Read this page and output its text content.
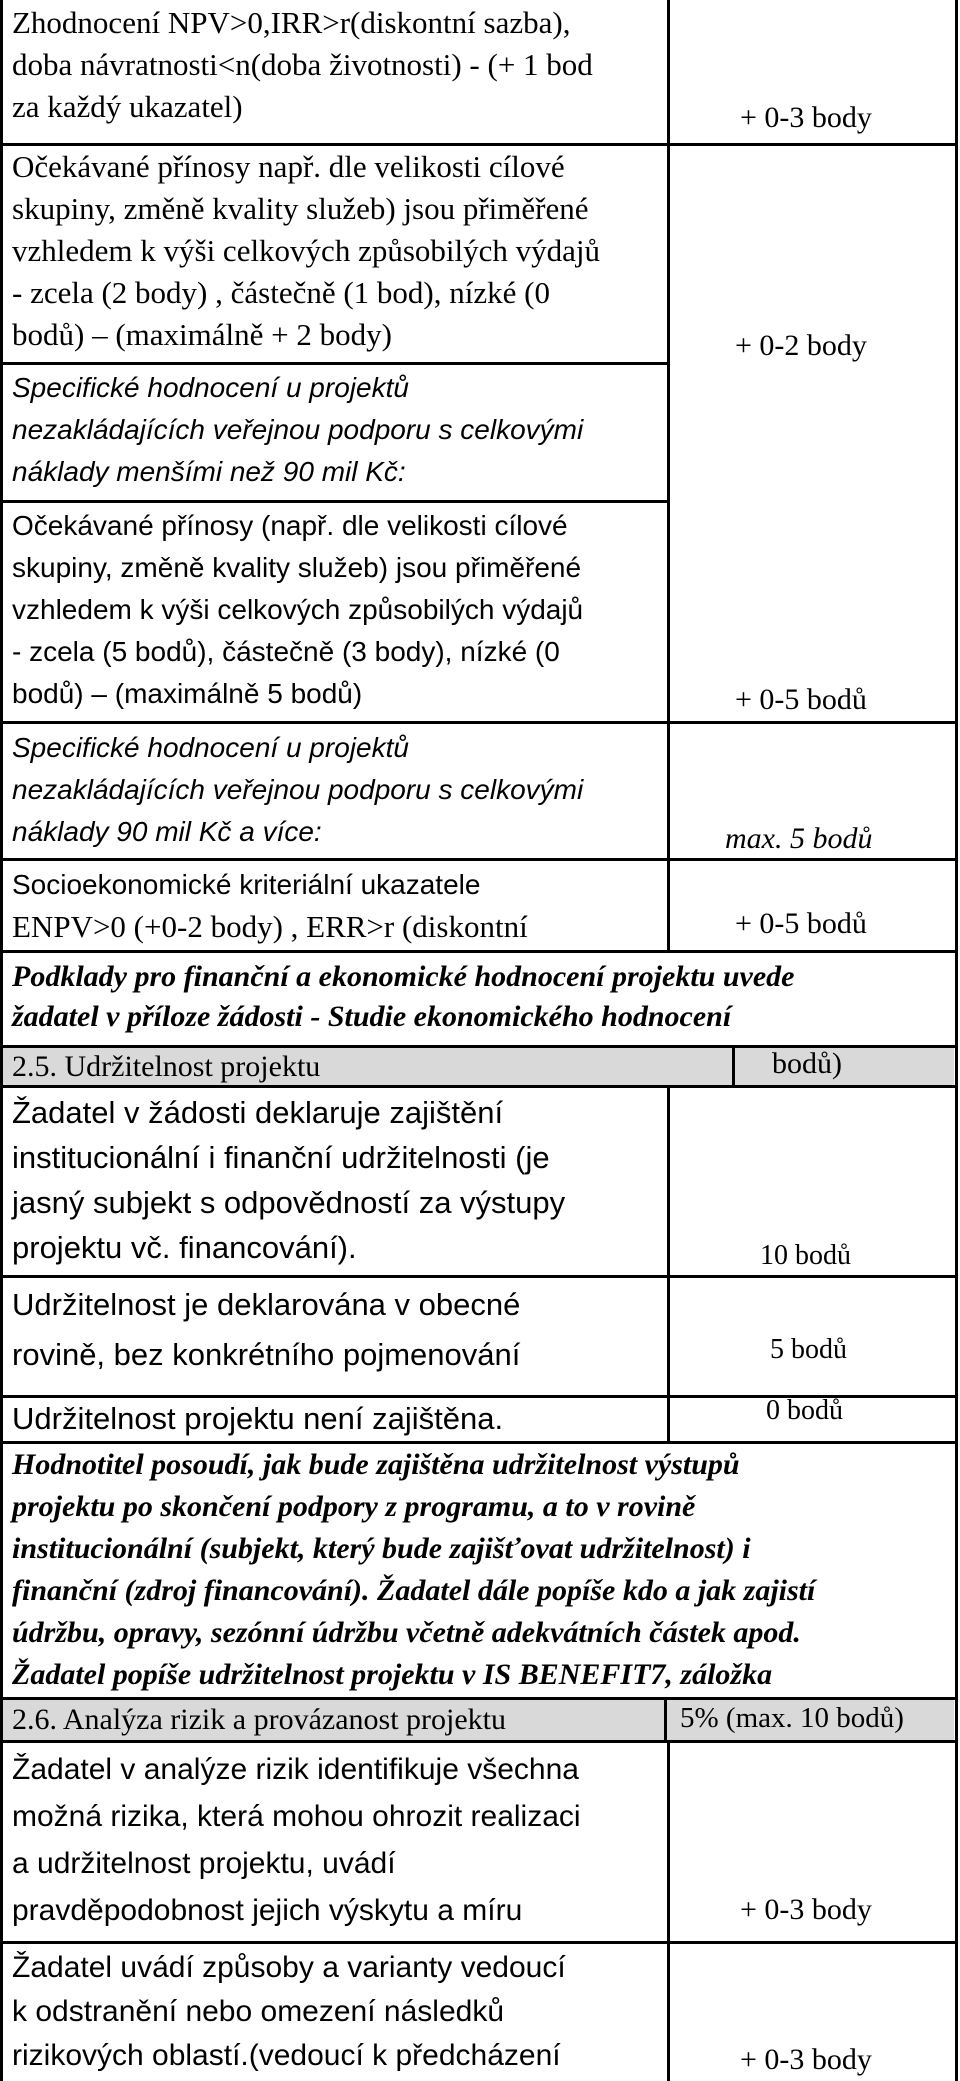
Zhodnocení NPV>0,IRR>r(diskontní sazba),
doba návratnosti<n(doba životnosti) - (+ 1 bod
za každý ukazatel)	+ 0-3 body
Očekávané přínosy např. dle velikosti cílové
skupiny, změně kvality služeb) jsou přiměřené
vzhledem k výši celkových způsobilých výdajů
- zcela (2 body) , částečně (1 bod), nízké (0
bodů) – (maximálně + 2 body)	+ 0-2 body
Specifické hodnocení u projektů
nezakládajících veřejnou podporu s celkovými
náklady menšími než 90 mil Kč:
Očekávané přínosy (např. dle velikosti cílové
skupiny, změně kvality služeb) jsou přiměřené
vzhledem k výši celkových způsobilých výdajů
- zcela (5 bodů), částečně (3 body), nízké (0
bodů) – (maximálně 5 bodů)	+ 0-5 bodů
Specifické hodnocení u projektů
nezakládajících veřejnou podporu s celkovými
náklady 90 mil Kč a více:	max. 5 bodů
Socioekonomické kriteriální ukazatele
ENPV>0 (+0-2 body) , ERR>r (diskontní	+ 0-5 bodů
Podklady pro finanční a ekonomické hodnocení projektu uvede
žadatel v příloze žádosti - Studie ekonomického hodnocení
2.5. Udržitelnost projektu	bodů)
Žadatel v žádosti deklaruje zajištění
institucionální i finanční udržitelnosti (je
jasný subjekt s odpovědností za výstupy
projektu vč. financování).	10 bodů
Udržitelnost je deklarována v obecné
rovině, bez konkrétního pojmenování	5 bodů
Udržitelnost projektu není zajištěna.	0 bodů
Hodnotitel posoudí, jak bude zajištěna udržitelnost výstupů
projektu po skončení podpory z programu, a to v rovině
institucionální (subjekt, který bude zajišťovat udržitelnost) i
finanční (zdroj financování). Žadatel dále popíše kdo a jak zajistí
údržbu, opravy, sezónní údržbu včetně adekvátních částek apod.
Žadatel popíše udržitelnost projektu v IS BENEFIT7, záložka
2.6. Analýza rizik a provázanost projektu	5% (max. 10 bodů)
Žadatel v analýze rizik identifikuje všechna
možná rizika, která mohou ohrozit realizaci
a udržitelnost projektu, uvádí
pravděpodobnost jejich výskytu a míru	+ 0-3 body
Žadatel uvádí způsoby a varianty vedoucí
k odstranění nebo omezení následků
rizikových oblastí.(vedoucí k předcházení	+ 0-3 body
